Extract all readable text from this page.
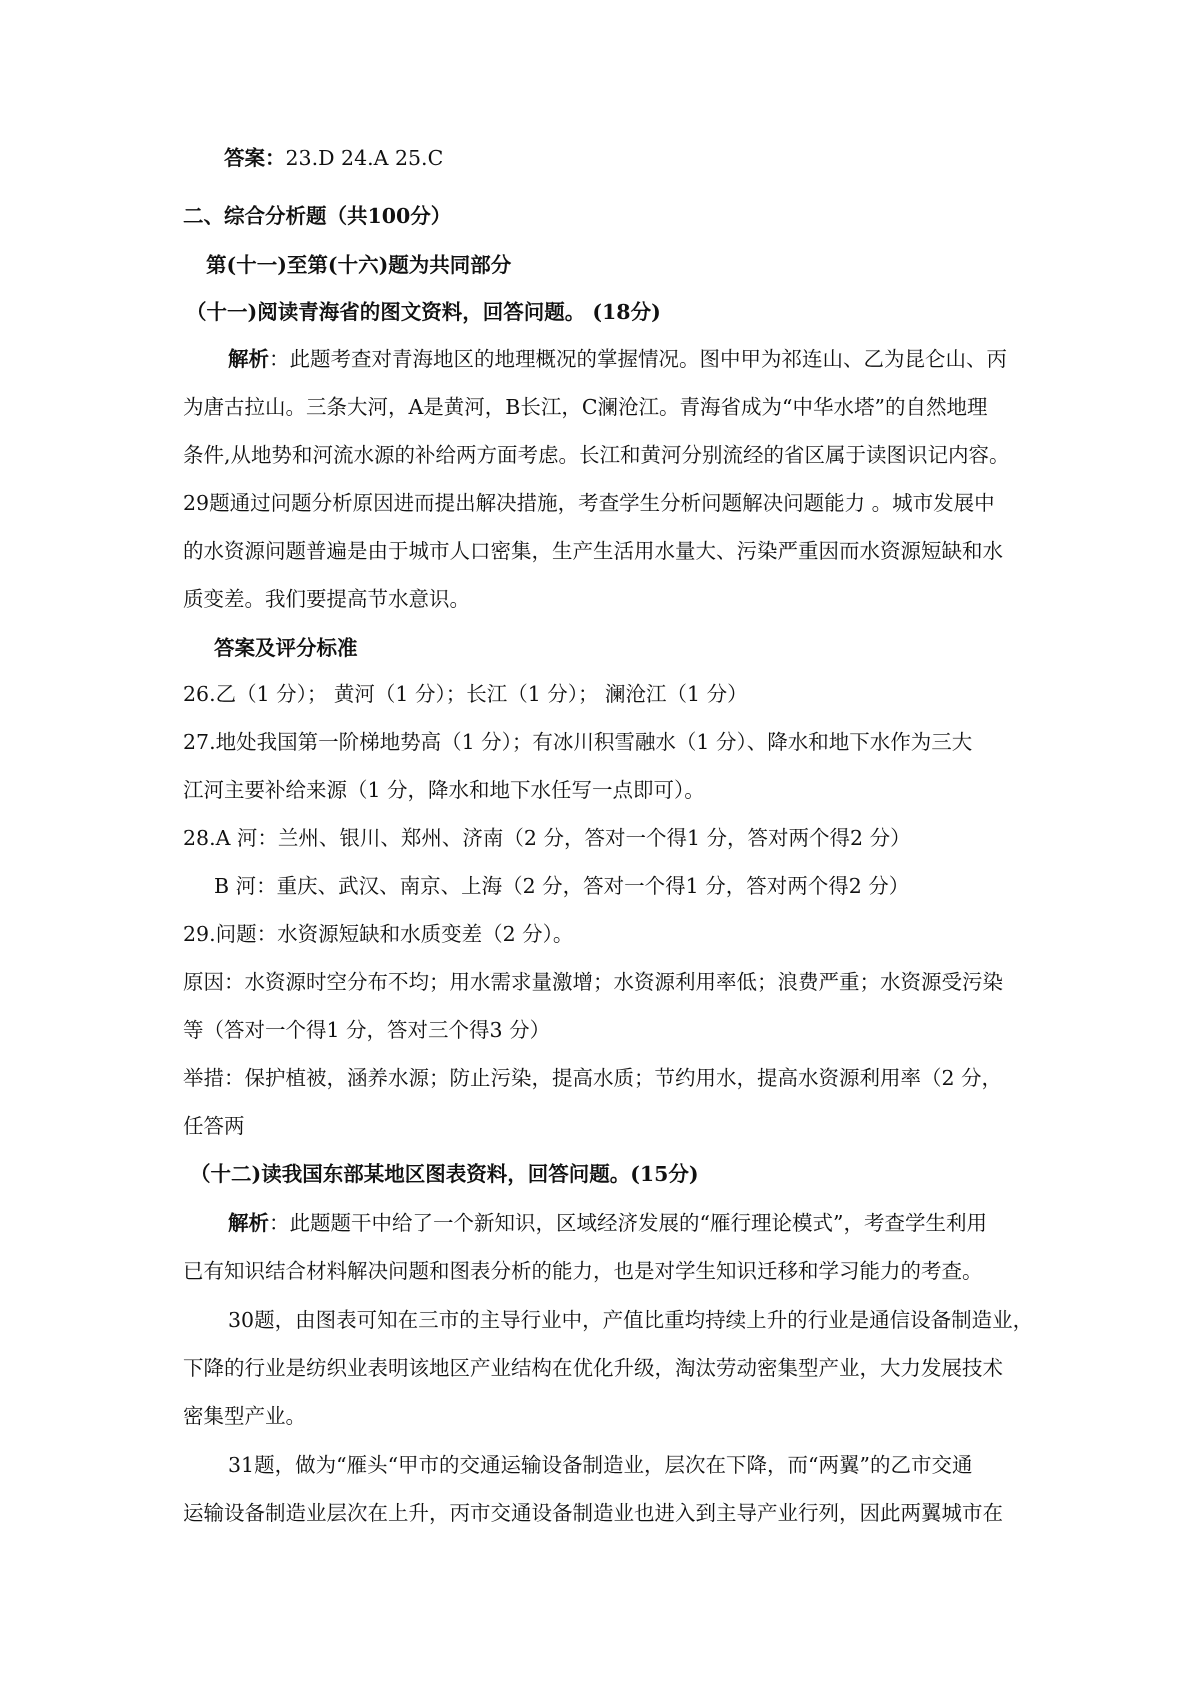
答案：23.D 24.A 25.C
二、综合分析题（共100分）
第(十一)至第(十六)题为共同部分
（十一)阅读青海省的图文资料，回答问题。 (18分)
解析：此题考查对青海地区的地理概况的掌握情况。图中甲为祁连山、乙为昆仑山、丙
为唐古拉山。三条大河，A是黄河，B长江，C澜沧江。青海省成为“中华水塔”的自然地理
条件,从地势和河流水源的补给两方面考虑。长江和黄河分别流经的省区属于读图识记内容。
29题通过问题分析原因进而提出解决措施，考查学生分析问题解决问题能力 。城市发展中
的水资源问题普遍是由于城市人口密集，生产生活用水量大、污染严重因而水资源短缺和水
质变差。我们要提高节水意识。
答案及评分标准
26.乙（1 分）； 黄河（1 分）；长江（1 分）； 澜沧江（1 分）
27.地处我国第一阶梯地势高（1 分）；有冰川积雪融水（1 分）、降水和地下水作为三大
江河主要补给来源（1 分，降水和地下水任写一点即可）。
28.A 河：兰州、银川、郑州、济南（2 分，答对一个得1 分，答对两个得2 分）
B 河：重庆、武汉、南京、上海（2 分，答对一个得1 分，答对两个得2 分）
29.问题：水资源短缺和水质变差（2 分）。
原因：水资源时空分布不均；用水需求量激增；水资源利用率低；浪费严重；水资源受污染
等（答对一个得1 分，答对三个得3 分）
举措：保护植被，涵养水源；防止污染，提高水质；节约用水，提高水资源利用率（2 分，
任答两
（十二)读我国东部某地区图表资料，回答问题。(15分)
解析：此题题干中给了一个新知识，区域经济发展的“雁行理论模式”，考查学生利用
已有知识结合材料解决问题和图表分析的能力，也是对学生知识迁移和学习能力的考查。
30题，由图表可知在三市的主导行业中，产值比重均持续上升的行业是通信设备制造业，
下降的行业是纺织业表明该地区产业结构在优化升级，淘汰劳动密集型产业，大力发展技术
密集型产业。
31题，做为“雁头“甲市的交通运输设备制造业，层次在下降，而“两翼”的乙市交通
运输设备制造业层次在上升，丙市交通设备制造业也进入到主导产业行列，因此两翼城市在
